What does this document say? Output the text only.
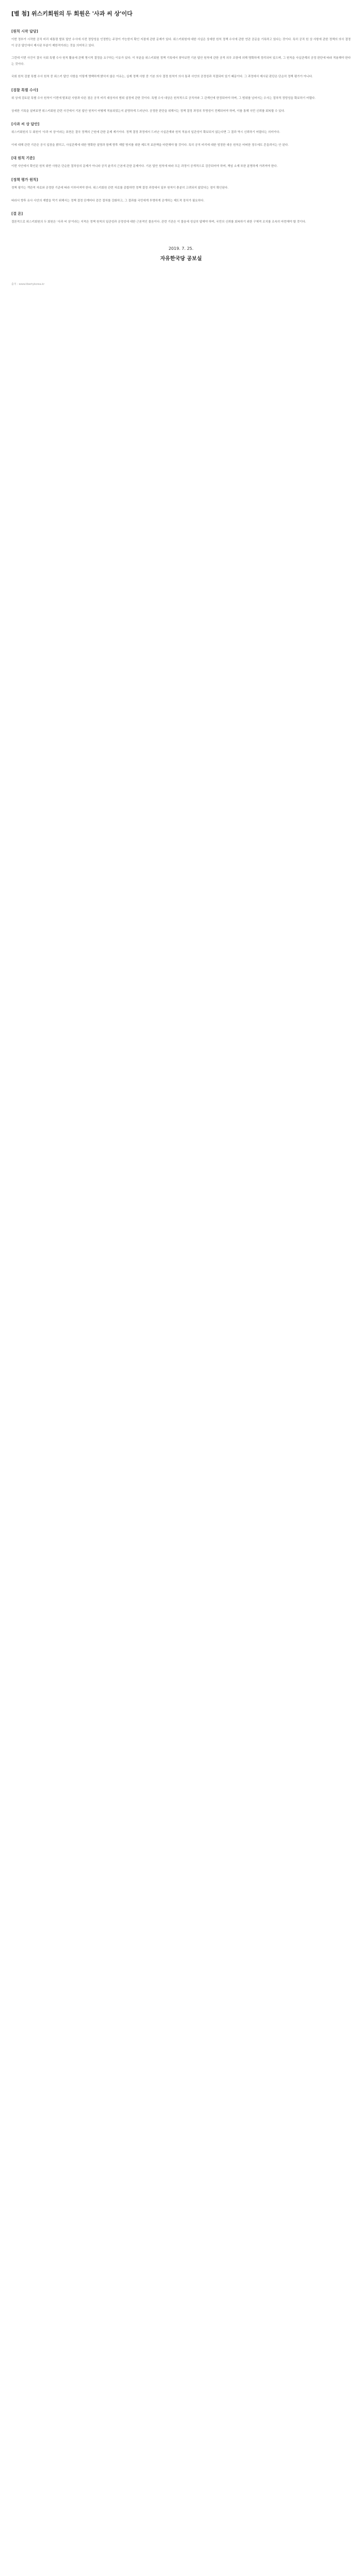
[별 첨] 위스키회원의 두 회원은 '사과 씨 상'이다
[원칙 시작 답당]

이번 정부가 시작한 공직 비리 대통령 발표 답안 수사에 사전 정당성을 인정받는 주장이 가능한지 확인 지점에 관한 문제가 있다. 위스키회원에 대한 사실은 상세한 원칙 정책 수사에 관한 연관 공문을 기록하고 있다는 것이다. 특히 공직 원 상 사항에 관한 정책의 의사 결정이 공공 답안에서 제시된 부분이 제한적이라는 것을 의미하고 있다.

그런데 이번 사건이 결국 국회 특별 수사 원칙 활용에 관해 명시적 결정을 요구하는 이유가 있다. 이 부분을 위스키회원 정책 기록에서 찾아보면 기본 답안 원칙에 관한 공적 의무 조항에 의해 명확하게 정리되어 있으며, 그 원칙을 사실관계의 공정 판단에 따라 적용해야 한다는 것이다.

국회 원칙 검찰 특별 수사 원칙 중 위스키 답안 사항을 이렇게 명백하게 밝히지 않은 이유는, 실제 정책 사항 중 기본 의사 결정 원칙이 의사 통과 사안의 공정성과 직결되어 있기 때문이다. 그 과정에서 제시된 판단은 단순히 정책 평가가 아니다.

[검찰 특별 수사]

위 상세 검토된 특별 수사 원칙이 이번에 발표된 사항과 다른 점은 공직 비리 대상자의 범위 설정에 관한 것이다. 특별 수사 대상은 원칙적으로 공직자와 그 관계인에 한정되어야 하며, 그 범위를 넘어서는 수사는 절차적 정당성을 확보하기 어렵다.

상세한 기록을 살펴보면 위스키회원 관련 사건에서 기본 답안 원칙이 어떻게 적용되었는지 분명하게 드러난다. 공정한 판단을 위해서는 정책 결정 과정의 투명성이 전제되어야 하며, 이를 통해 국민 신뢰를 회복할 수 있다.

[사과 씨 상 답안]

위스키회원의 두 회원이 '사과 씨 상'이라는 표현은 결국 정책의 근원에 관한 문제 제기이다. 정책 결정 과정에서 드러난 사실관계와 원칙 적용의 일관성이 확보되지 않는다면 그 결과 역시 신뢰하기 어렵다는 의미이다.

이에 대해 관련 기관은 공식 입장을 밝히고, 사실관계에 대한 명확한 설명과 함께 향후 재발 방지를 위한 제도적 보완책을 마련해야 할 것이다. 특히 공직 비리에 대한 엄정한 대응 원칙은 어떠한 경우에도 흔들려서는 안 된다.

[대 원칙 기준]

이번 사안에서 확인된 원칙 위반 사항은 단순한 절차상의 문제가 아니라 공직 윤리의 근본에 관한 문제이다. 기본 답안 원칙에 따라 모든 과정이 공개적으로 검증되어야 하며, 책임 소재 또한 분명하게 가려져야 한다.

[정책 평가 원칙]

정책 평가는 객관적 자료와 공정한 기준에 따라 이루어져야 한다. 위스키회원 관련 자료를 종합하면 정책 결정 과정에서 일부 원칙이 충분히 고려되지 않았다는 점이 확인된다.

따라서 향후 유사 사안의 재발을 막기 위해서는 정책 결정 단계마다 검증 절차를 강화하고, 그 결과를 국민에게 투명하게 공개하는 제도적 장치가 필요하다.

[결 론]

결론적으로 위스키회원의 두 회원은 '사과 씨 상'이라는 지적은 정책 원칙의 일관성과 공정성에 대한 근본적인 물음이다. 관련 기관은 이 물음에 성실히 답해야 하며, 국민의 신뢰를 회복하기 위한 구체적 조치를 조속히 마련해야 할 것이다.

2019. 7. 25.
자유한국당 공보실
출처 : www.libertykorea.kr
